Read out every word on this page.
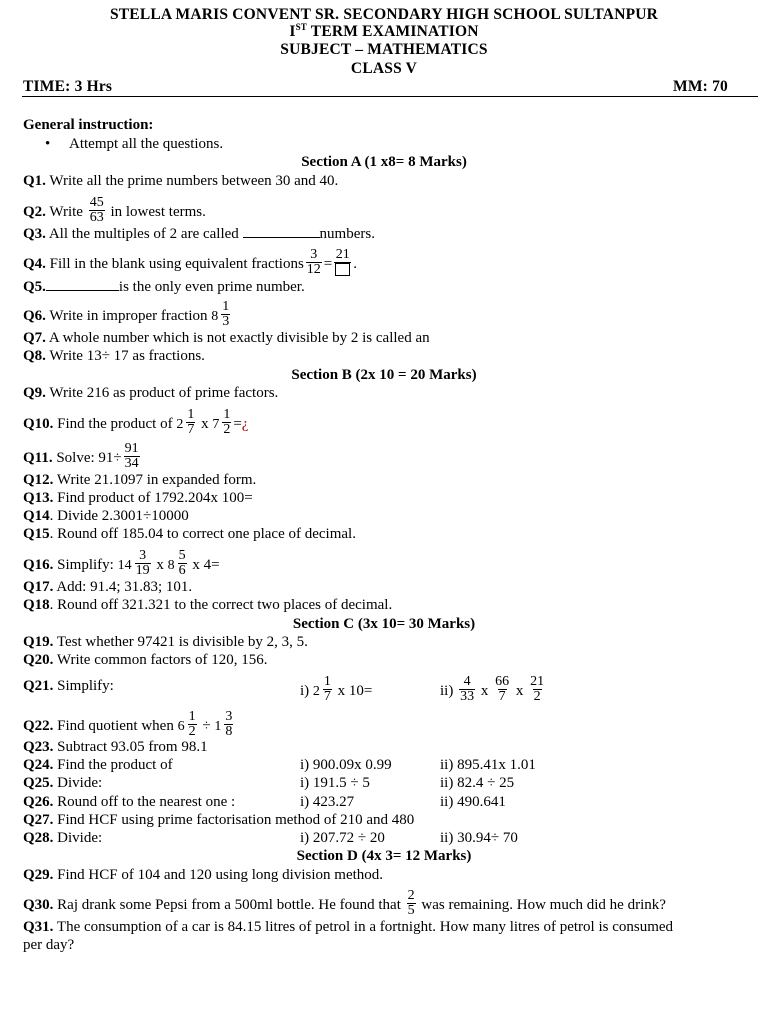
STELLA MARIS CONVENT SR. SECONDARY HIGH SCHOOL SULTANPUR
IST TERM EXAMINATION
SUBJECT – MATHEMATICS
CLASS V
TIME: 3 Hrs	MM: 70
General instruction:
• Attempt all the questions.
Section A (1 x8= 8 Marks)
Q1. Write all the prime numbers between 30 and 40.
Q2. Write $\frac{45}{63}$ in lowest terms.
Q3. All the multiples of 2 are called	numbers.
Q4. Fill in the blank using equivalent fractions $\frac{3}{12}$ =
21
.
Q5.	is the only even prime number.
Q6. Write in improper fraction $8 \frac{1}{3}$
Q7. A whole number which is not exactly divisible by 2 is called an
Q8. Write 13÷ 17 as fractions.
Section B (2x 10 = 20 Marks)
Q9. Write 216 as product of prime factors.
Q10. Find the product of $2 \frac{1}{7}$ x $7 \frac{1}{2}$ =¿
Q11. Solve: $91\div \frac{91}{34}$
Q12. Write 21.1097 in expanded form.
Q13. Find product of 1792.204x 100=
Q14. Divide 2.3001÷10000
Q15. Round off 185.04 to correct one place of decimal.
Q16. Simplify: $14 \frac{3}{19}$ x $8 \frac{5}{6}$ x 4=
Q17. Add: 91.4; 31.83; 101.
Q18. Round off 321.321 to the correct two places of decimal.
Section C (3x 10= 30 Marks)
Q19. Test whether 97421 is divisible by 2, 3, 5.
Q20. Write common factors of 120, 156.
Q21. Simplify:	i) $2 \frac{1}{7}$ x 10=	$ii) \frac{4}{33}$ x $\frac{66}{7}$ x $\frac{21}{2}$
Q22. Find quotient when $6 \frac{1}{2} \div 1 \frac{3}{8}$
Q23. Subtract 93.05 from 98.1
Q24. Find the product of	i) 900.09x 0.99	ii) 895.41x 1.01
Q25. Divide:	i) 191.5 ÷ 5	ii) 82.4 ÷ 25
Q26. Round off to the nearest one :	i) 423.27	ii) 490.641
Q27. Find HCF using prime factorisation method of 210 and 480
Q28. Divide:	i) 207.72 ÷ 20	ii) 30.94÷ 70
Section D (4x 3= 12 Marks)
Q29. Find HCF of 104 and 120 using long division method.
Q30. Raj drank some Pepsi from a 500ml bottle. He found that $\frac{2}{5}$ was remaining. How much did he drink?
Q31. The consumption of a car is 84.15 litres of petrol in a fortnight. How many litres of petrol is consumed
per day?
